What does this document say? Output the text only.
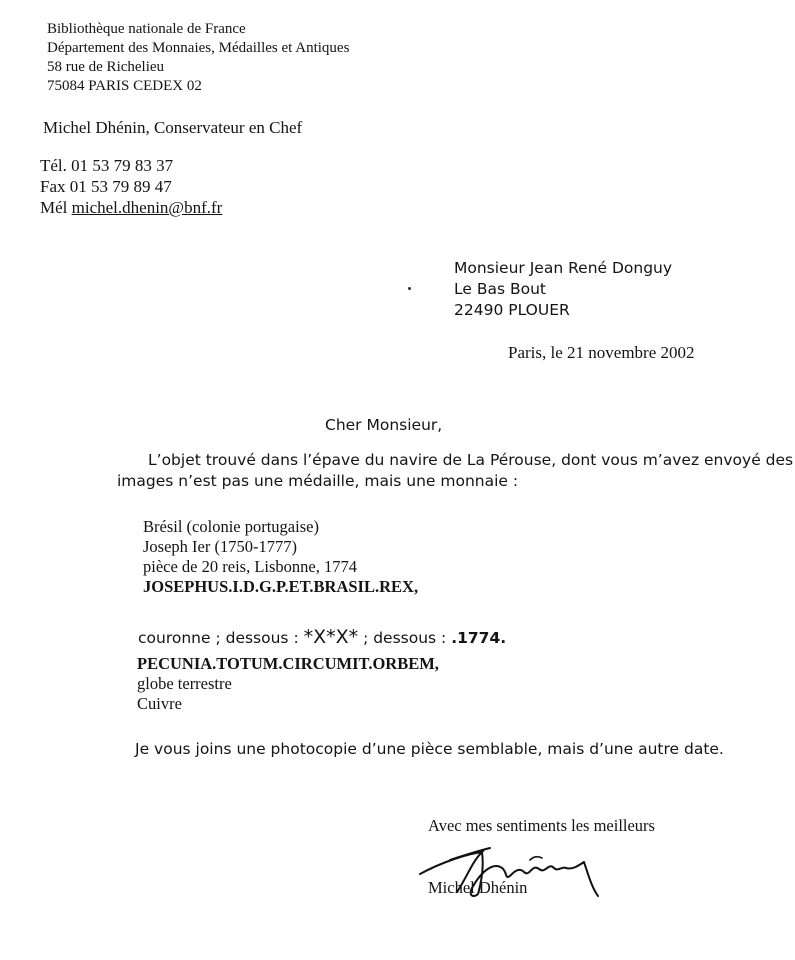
Bibliothèque nationale de France
Département des Monnaies, Médailles et Antiques
58 rue de Richelieu
75084 PARIS CEDEX 02
Michel Dhénin, Conservateur en Chef
Tél. 01 53 79 83 37
Fax 01 53 79 89 47
Mél michel.dhenin@bnf.fr
Monsieur Jean René Donguy
Le Bas Bout
22490 PLOUER
Paris, le 21 novembre 2002
Cher Monsieur,
L’objet trouvé dans l’épave du navire de La Pérouse, dont vous m’avez envoyé des
images n’est pas une médaille, mais une monnaie :
Brésil (colonie portugaise)
Joseph Ier (1750-1777)
pièce de 20 reis, Lisbonne, 1774
JOSEPHUS.I.D.G.P.ET.BRASIL.REX,
couronne ; dessous : *X*X* ; dessous : .1774.
PECUNIA.TOTUM.CIRCUMIT.ORBEM,
globe terrestre
Cuivre
Je vous joins une photocopie d’une pièce semblable, mais d’une autre date.
Avec mes sentiments les meilleurs
Michel Dhénin
